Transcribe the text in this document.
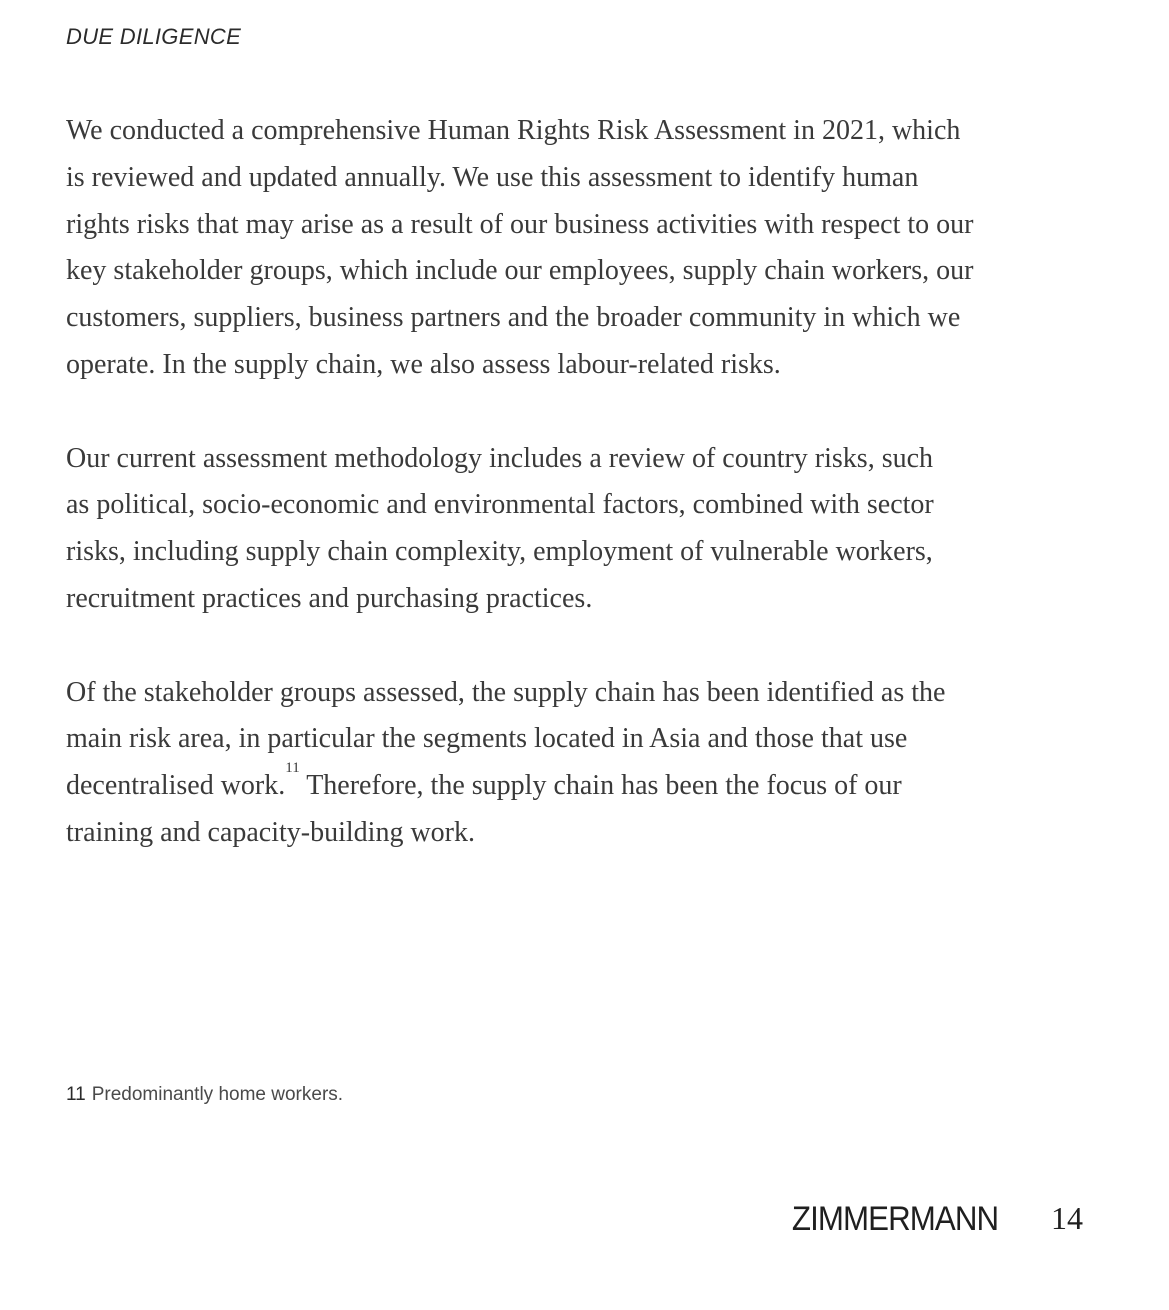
DUE DILIGENCE

We conducted a comprehensive Human Rights Risk Assessment in 2021, which
is reviewed and updated annually. We use this assessment to identify human
rights risks that may arise as a result of our business activities with respect to our
key stakeholder groups, which include our employees, supply chain workers, our
customers, suppliers, business partners and the broader community in which we
operate. In the supply chain, we also assess labour-related risks.

Our current assessment methodology includes a review of country risks, such
as political, socio-economic and environmental factors, combined with sector
risks, including supply chain complexity, employment of vulnerable workers,
recruitment practices and purchasing practices.

Of the stakeholder groups assessed, the supply chain has been identified as the
main risk area, in particular the segments located in Asia and those that use
decentralised work.$^{11}$ Therefore, the supply chain has been the focus of our
training and capacity-building work.

11 Predominantly home workers.
ZIMMERMANN 14
